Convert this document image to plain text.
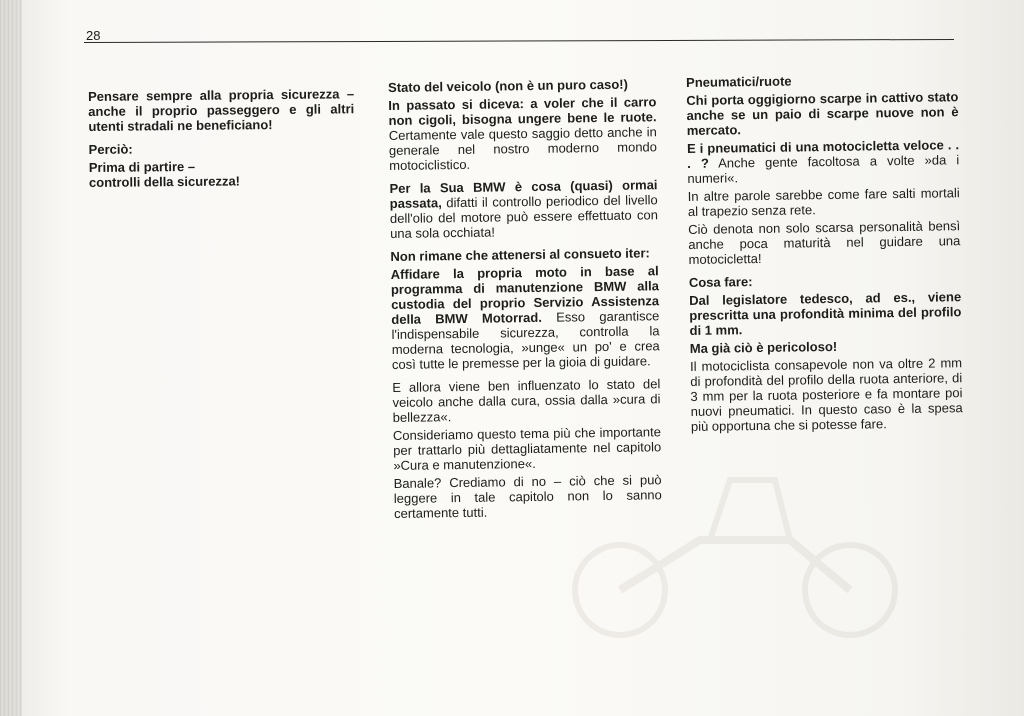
28

Pensare sempre alla propria sicurezza – anche il proprio passeggero e gli altri utenti stradali ne beneficiano!

Perciò:

Prima di partire –
controlli della sicurezza!

Stato del veicolo (non è un puro caso!)

In passato si diceva: a voler che il carro non cigoli, bisogna ungere bene le ruote. Certamente vale questo saggio detto anche in generale nel nostro moderno mondo motociclistico.

Per la Sua BMW è cosa (quasi) ormai passata, difatti il controllo periodico del livello dell'olio del motore può essere effettuato con una sola occhiata!

Non rimane che attenersi al consueto iter:

Affidare la propria moto in base al programma di manutenzione BMW alla custodia del proprio Servizio Assistenza della BMW Motorrad. Esso garantisce l'indispensabile sicurezza, controlla la moderna tecnologia, »unge« un po' e crea così tutte le premesse per la gioia di guidare.

E allora viene ben influenzato lo stato del veicolo anche dalla cura, ossia dalla »cura di bellezza«.

Consideriamo questo tema più che importante per trattarlo più dettagliatamente nel capitolo »Cura e manutenzione«.

Banale? Crediamo di no – ciò che si può leggere in tale capitolo non lo sanno certamente tutti.

Pneumatici/ruote

Chi porta oggigiorno scarpe in cattivo stato anche se un paio di scarpe nuove non è mercato.

E i pneumatici di una motocicletta veloce . . . ? Anche gente facoltosa a volte »da i numeri«.

In altre parole sarebbe come fare salti mortali al trapezio senza rete.

Ciò denota non solo scarsa personalità bensì anche poca maturità nel guidare una motocicletta!

Cosa fare:

Dal legislatore tedesco, ad es., viene prescritta una profondità minima del profilo di 1 mm.

Ma già ciò è pericoloso!

Il motociclista consapevole non va oltre 2 mm di profondità del profilo della ruota anteriore, di 3 mm per la ruota posteriore e fa montare poi nuovi pneumatici. In questo caso è la spesa più opportuna che si potesse fare.
